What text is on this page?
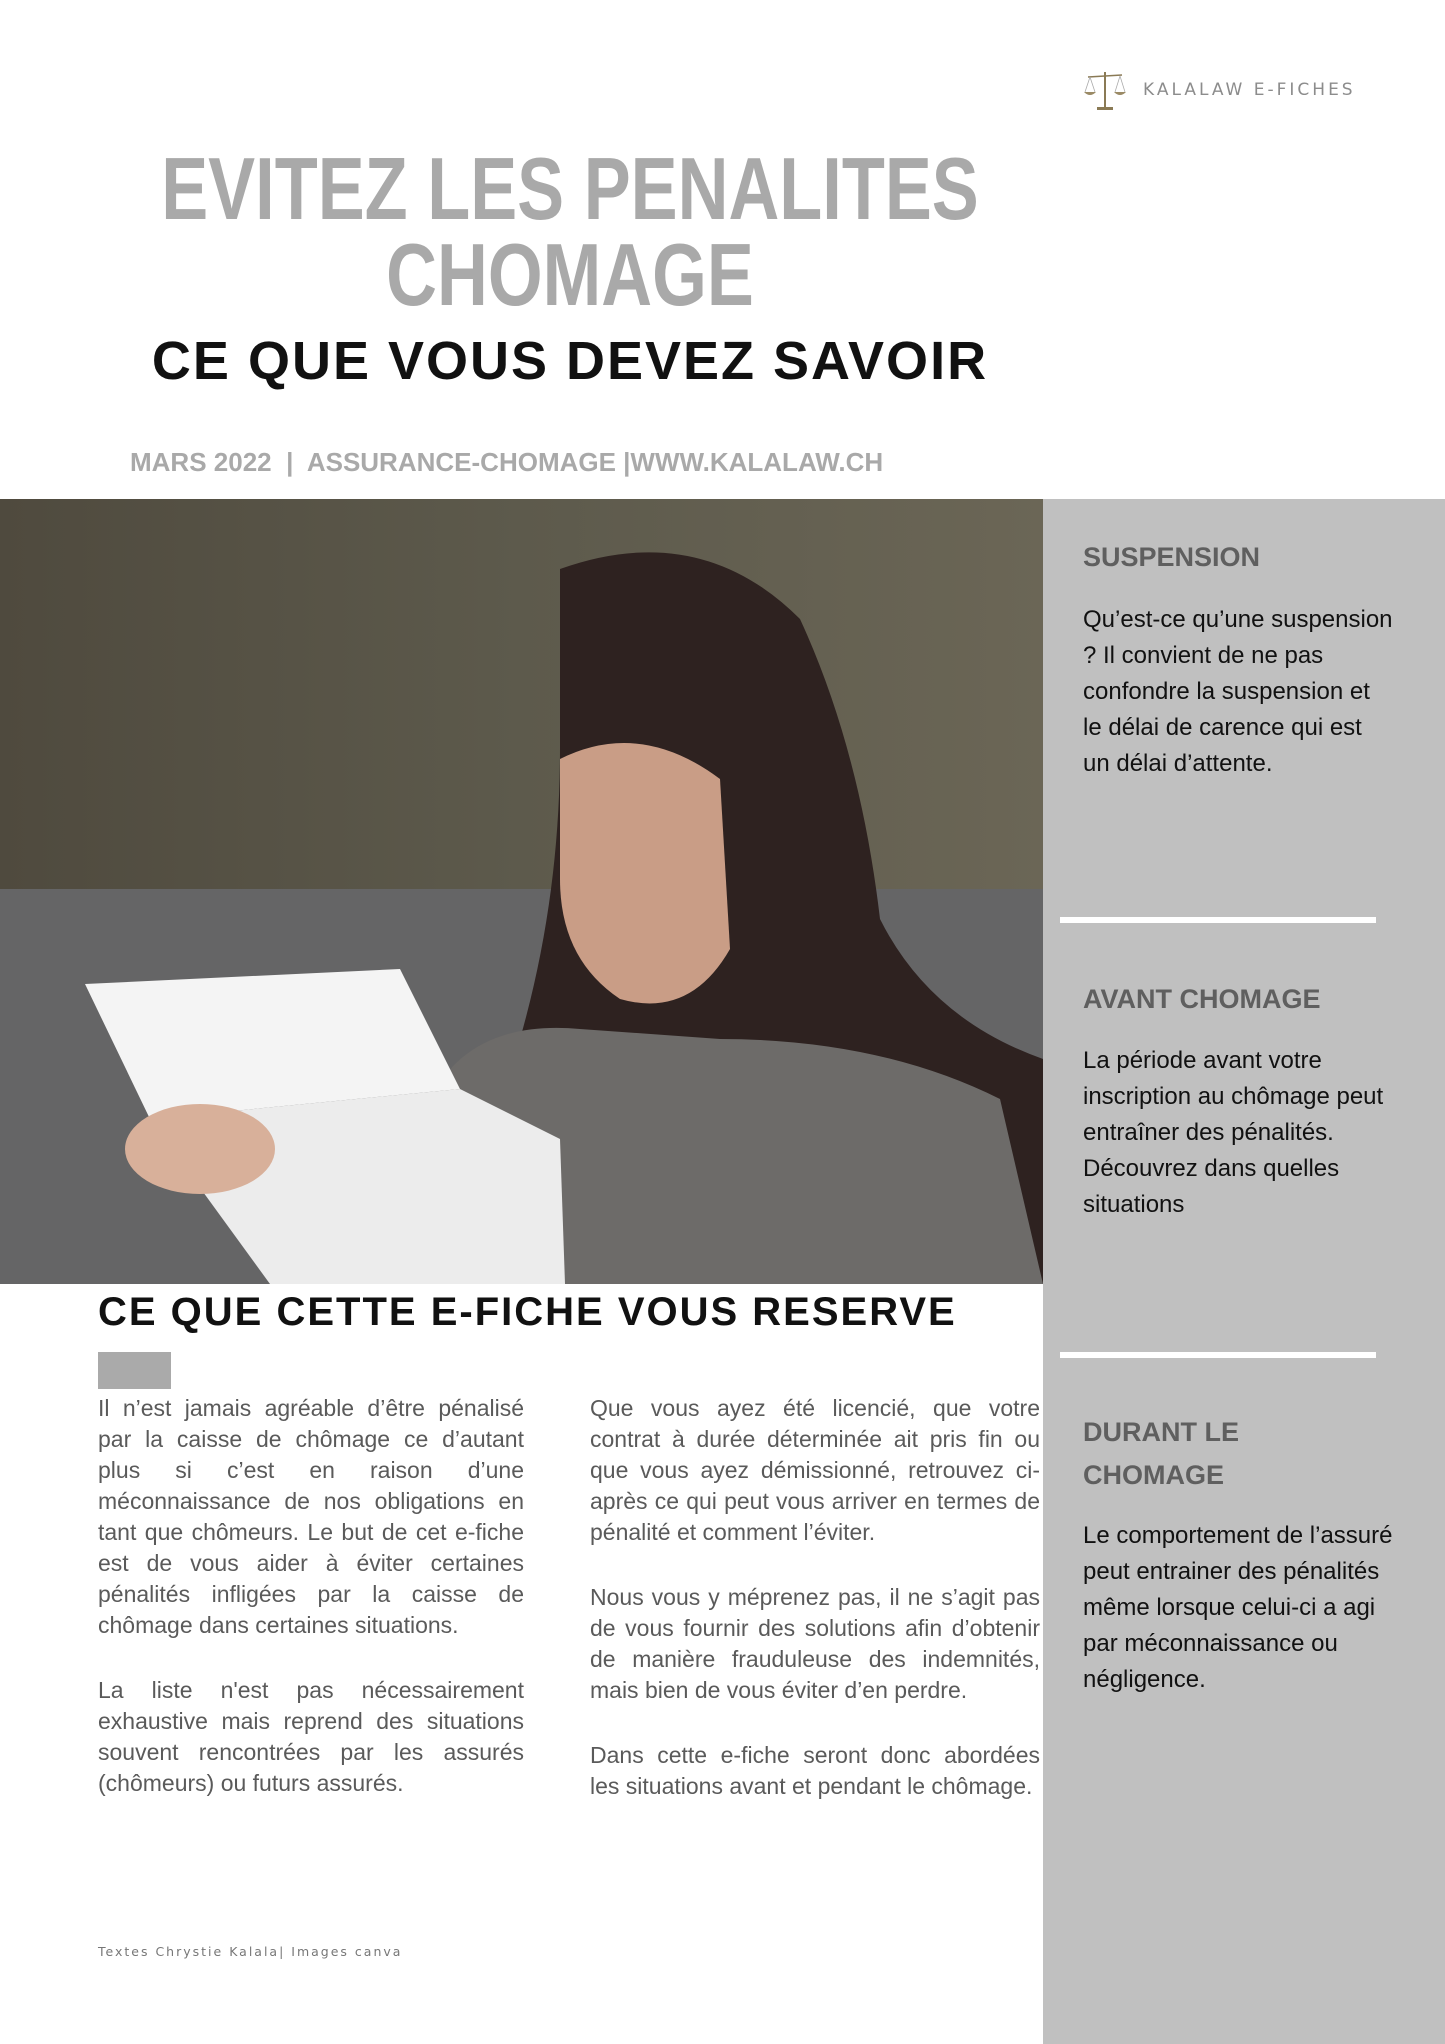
KALALAW E-FICHES
EVITEZ LES PENALITES
CHOMAGE
CE QUE VOUS DEVEZ SAVOIR
MARS 2022  |  ASSURANCE-CHOMAGE |WWW.KALALAW.CH
SUSPENSION
Qu’est-ce qu’une suspension ? Il convient de ne pas confondre la suspension et le délai de carence qui est un délai d’attente.
AVANT CHOMAGE
La période avant votre inscription au chômage peut entraîner des pénalités. Découvrez dans quelles situations
DURANT LE CHOMAGE
Le comportement de l’assuré peut entrainer des pénalités même lorsque celui-ci a agi par méconnaissance ou négligence.
CE QUE CETTE E-FICHE VOUS RESERVE

Il n’est jamais agréable d’être pénalisé par la caisse de chômage ce d’autant plus si c’est en raison d’une méconnaissance de nos obligations en tant que chômeurs. Le but de cet e-fiche est de vous aider à éviter certaines pénalités infligées par la caisse de chômage dans certaines situations.

La liste n'est pas nécessairement exhaustive mais reprend des situations souvent rencontrées par les assurés (chômeurs) ou futurs assurés.

Que vous ayez été licencié, que votre contrat à durée déterminée ait pris fin ou que vous ayez démissionné, retrouvez ci-après ce qui peut vous arriver en termes de pénalité et comment l’éviter.

Nous vous y méprenez pas, il ne s’agit pas de vous fournir des solutions afin d’obtenir de manière frauduleuse des indemnités, mais bien de vous éviter d’en perdre.

Dans cette e-fiche seront donc abordées les situations avant et pendant le chômage.

Textes Chrystie Kalala| Images canva
